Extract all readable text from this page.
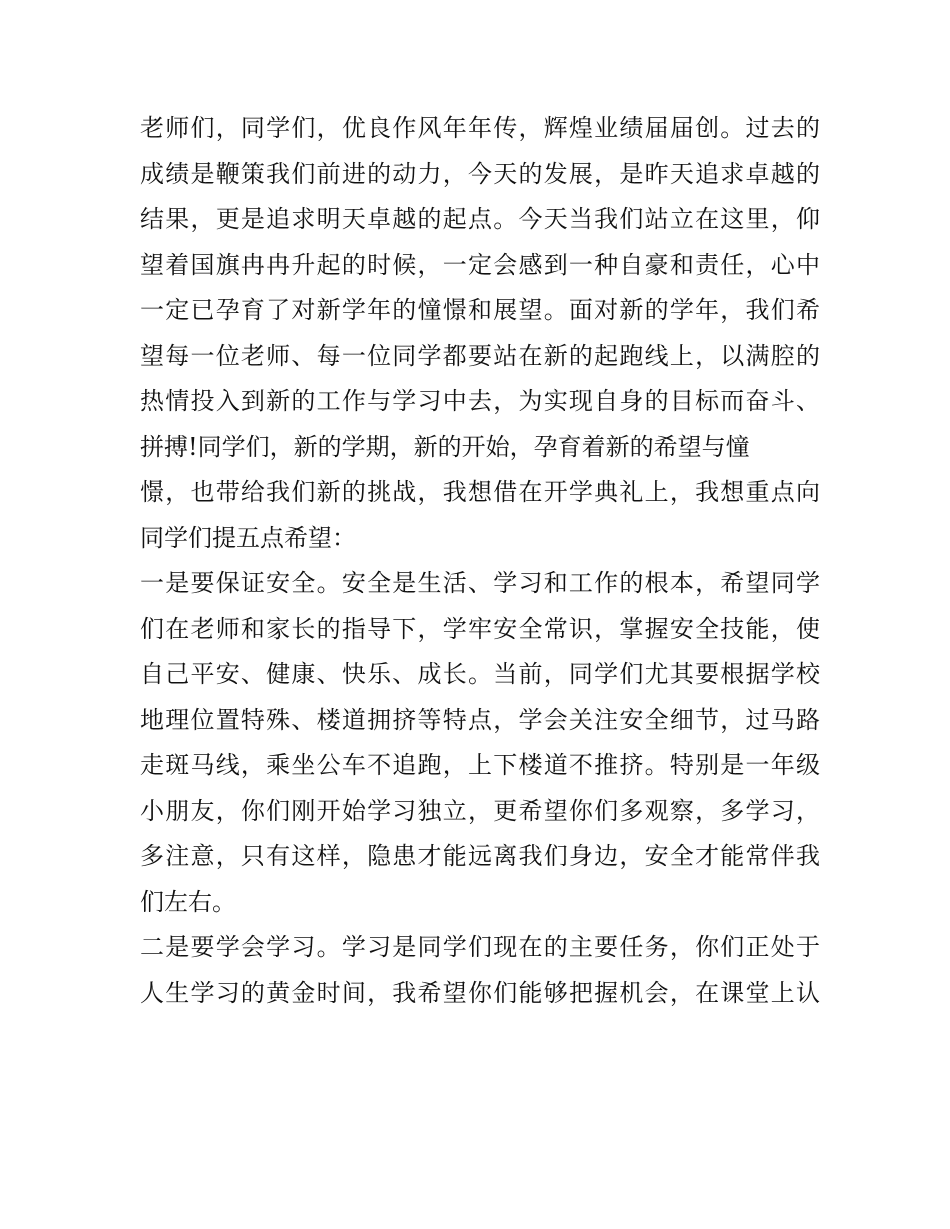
老师们，同学们，优良作风年年传，辉煌业绩届届创。过去的
成绩是鞭策我们前进的动力，今天的发展，是昨天追求卓越的
结果，更是追求明天卓越的起点。今天当我们站立在这里，仰
望着国旗冉冉升起的时候，一定会感到一种自豪和责任，心中
一定已孕育了对新学年的憧憬和展望。面对新的学年，我们希
望每一位老师、每一位同学都要站在新的起跑线上，以满腔的
热情投入到新的工作与学习中去，为实现自身的目标而奋斗、
拼搏!同学们，新的学期，新的开始，孕育着新的希望与憧
憬，也带给我们新的挑战，我想借在开学典礼上，我想重点向
同学们提五点希望：
一是要保证安全。安全是生活、学习和工作的根本，希望同学
们在老师和家长的指导下，学牢安全常识，掌握安全技能，使
自己平安、健康、快乐、成长。当前，同学们尤其要根据学校
地理位置特殊、楼道拥挤等特点，学会关注安全细节，过马路
走斑马线，乘坐公车不追跑，上下楼道不推挤。特别是一年级
小朋友，你们刚开始学习独立，更希望你们多观察，多学习，
多注意，只有这样，隐患才能远离我们身边，安全才能常伴我
们左右。
二是要学会学习。学习是同学们现在的主要任务，你们正处于
人生学习的黄金时间，我希望你们能够把握机会，在课堂上认
